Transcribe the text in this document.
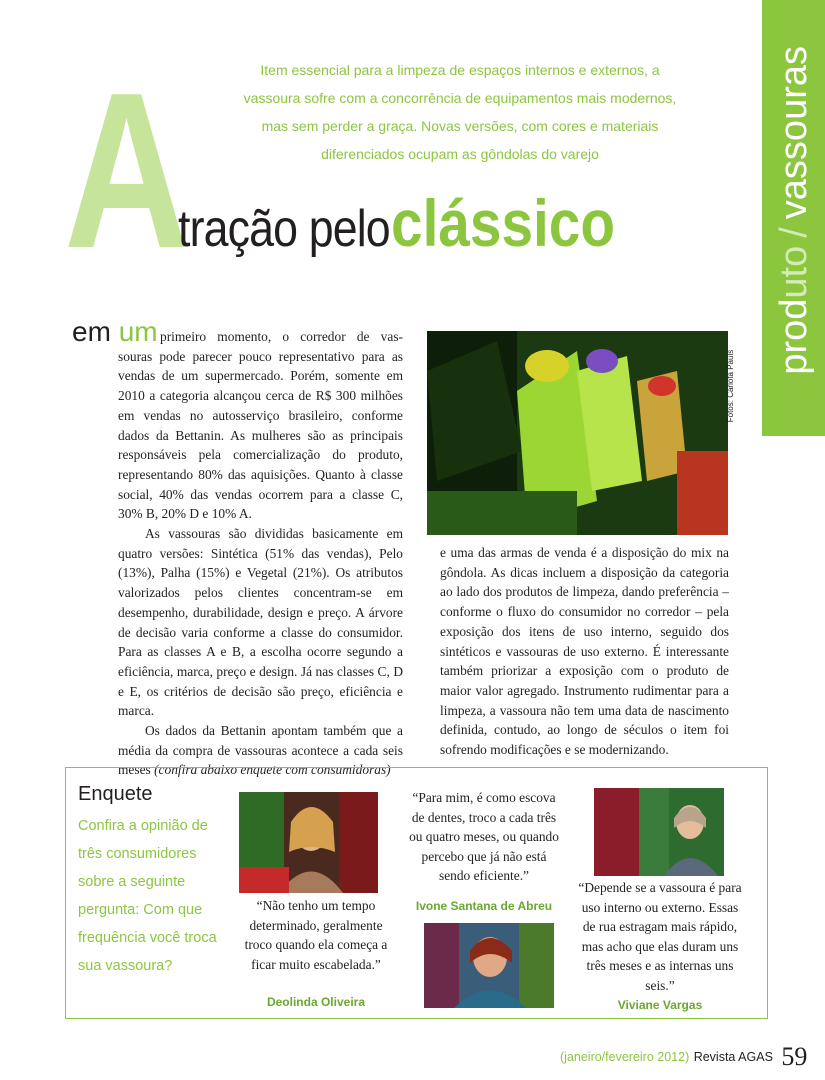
prod
uto
/
vassouras
Item essencial para a limpeza de espaços internos e externos, a
vassoura sofre com a concorrência de equipamentos mais modernos,
mas sem perder a graça. Novas versões, com cores e materiais
diferenciados ocupam as gôndolas do varejo
A
tração pelo clássico
em um primeiro momento, o corredor de vas-

souras pode parecer pouco representativo para as vendas de um supermercado. Porém, somente em 2010 a categoria alcançou cerca de R$ 300 milhões em vendas no autosserviço brasileiro, conforme dados da Bettanin. As mulheres são as principais responsáveis pela comercialização do produto, representando 80% das aquisições. Quanto à classe social, 40% das vendas ocorrem para a classe C, 30% B, 20% D e 10% A.

As vassouras são divididas basicamente em quatro versões: Sintética (51% das vendas), Pelo (13%), Palha (15%) e Vegetal (21%). Os atributos valorizados pelos clientes concentram-se em desempenho, durabilidade, design e preço. A árvore de decisão varia conforme a classe do consumidor. Para as classes A e B, a escolha ocorre segundo a eficiência, marca, preço e design. Já nas classes C, D e E, os critérios de decisão são preço, eficiência e marca.

Os dados da Bettanin apontam também que a média da compra de vassouras acontece a cada seis meses (confira abaixo enquete com consumidoras)

Fotos: Carlota Pauls

e uma das armas de venda é a disposição do mix na gôndola. As dicas incluem a disposição da categoria ao lado dos produtos de limpeza, dando preferência – conforme o fluxo do consumidor no corredor – pela exposição dos itens de uso interno, seguido dos sintéticos e vassouras de uso externo. É interessante também priorizar a exposição com o produto de maior valor agregado. Instrumento rudimentar para a limpeza, a vassoura não tem uma data de nascimento definida, contudo, ao longo de séculos o item foi sofrendo modificações e se modernizando.

Enquete
Confira a opinião de três consumidores sobre a seguinte pergunta: Com que frequência você troca sua vassoura?
“Não tenho um tempo determinado, geralmente troco quando ela começa a ficar muito escabelada.”
Deolinda Oliveira
“Para mim, é como escova de dentes, troco a cada três ou quatro meses, ou quando percebo que já não está sendo eficiente.”
Ivone Santana de Abreu
“Depende se a vassoura é para uso interno ou externo. Essas de rua estragam mais rápido, mas acho que elas duram uns três meses e as internas uns seis.”
Viviane Vargas
(janeiro/fevereiro 2012) Revista AGAS 59
